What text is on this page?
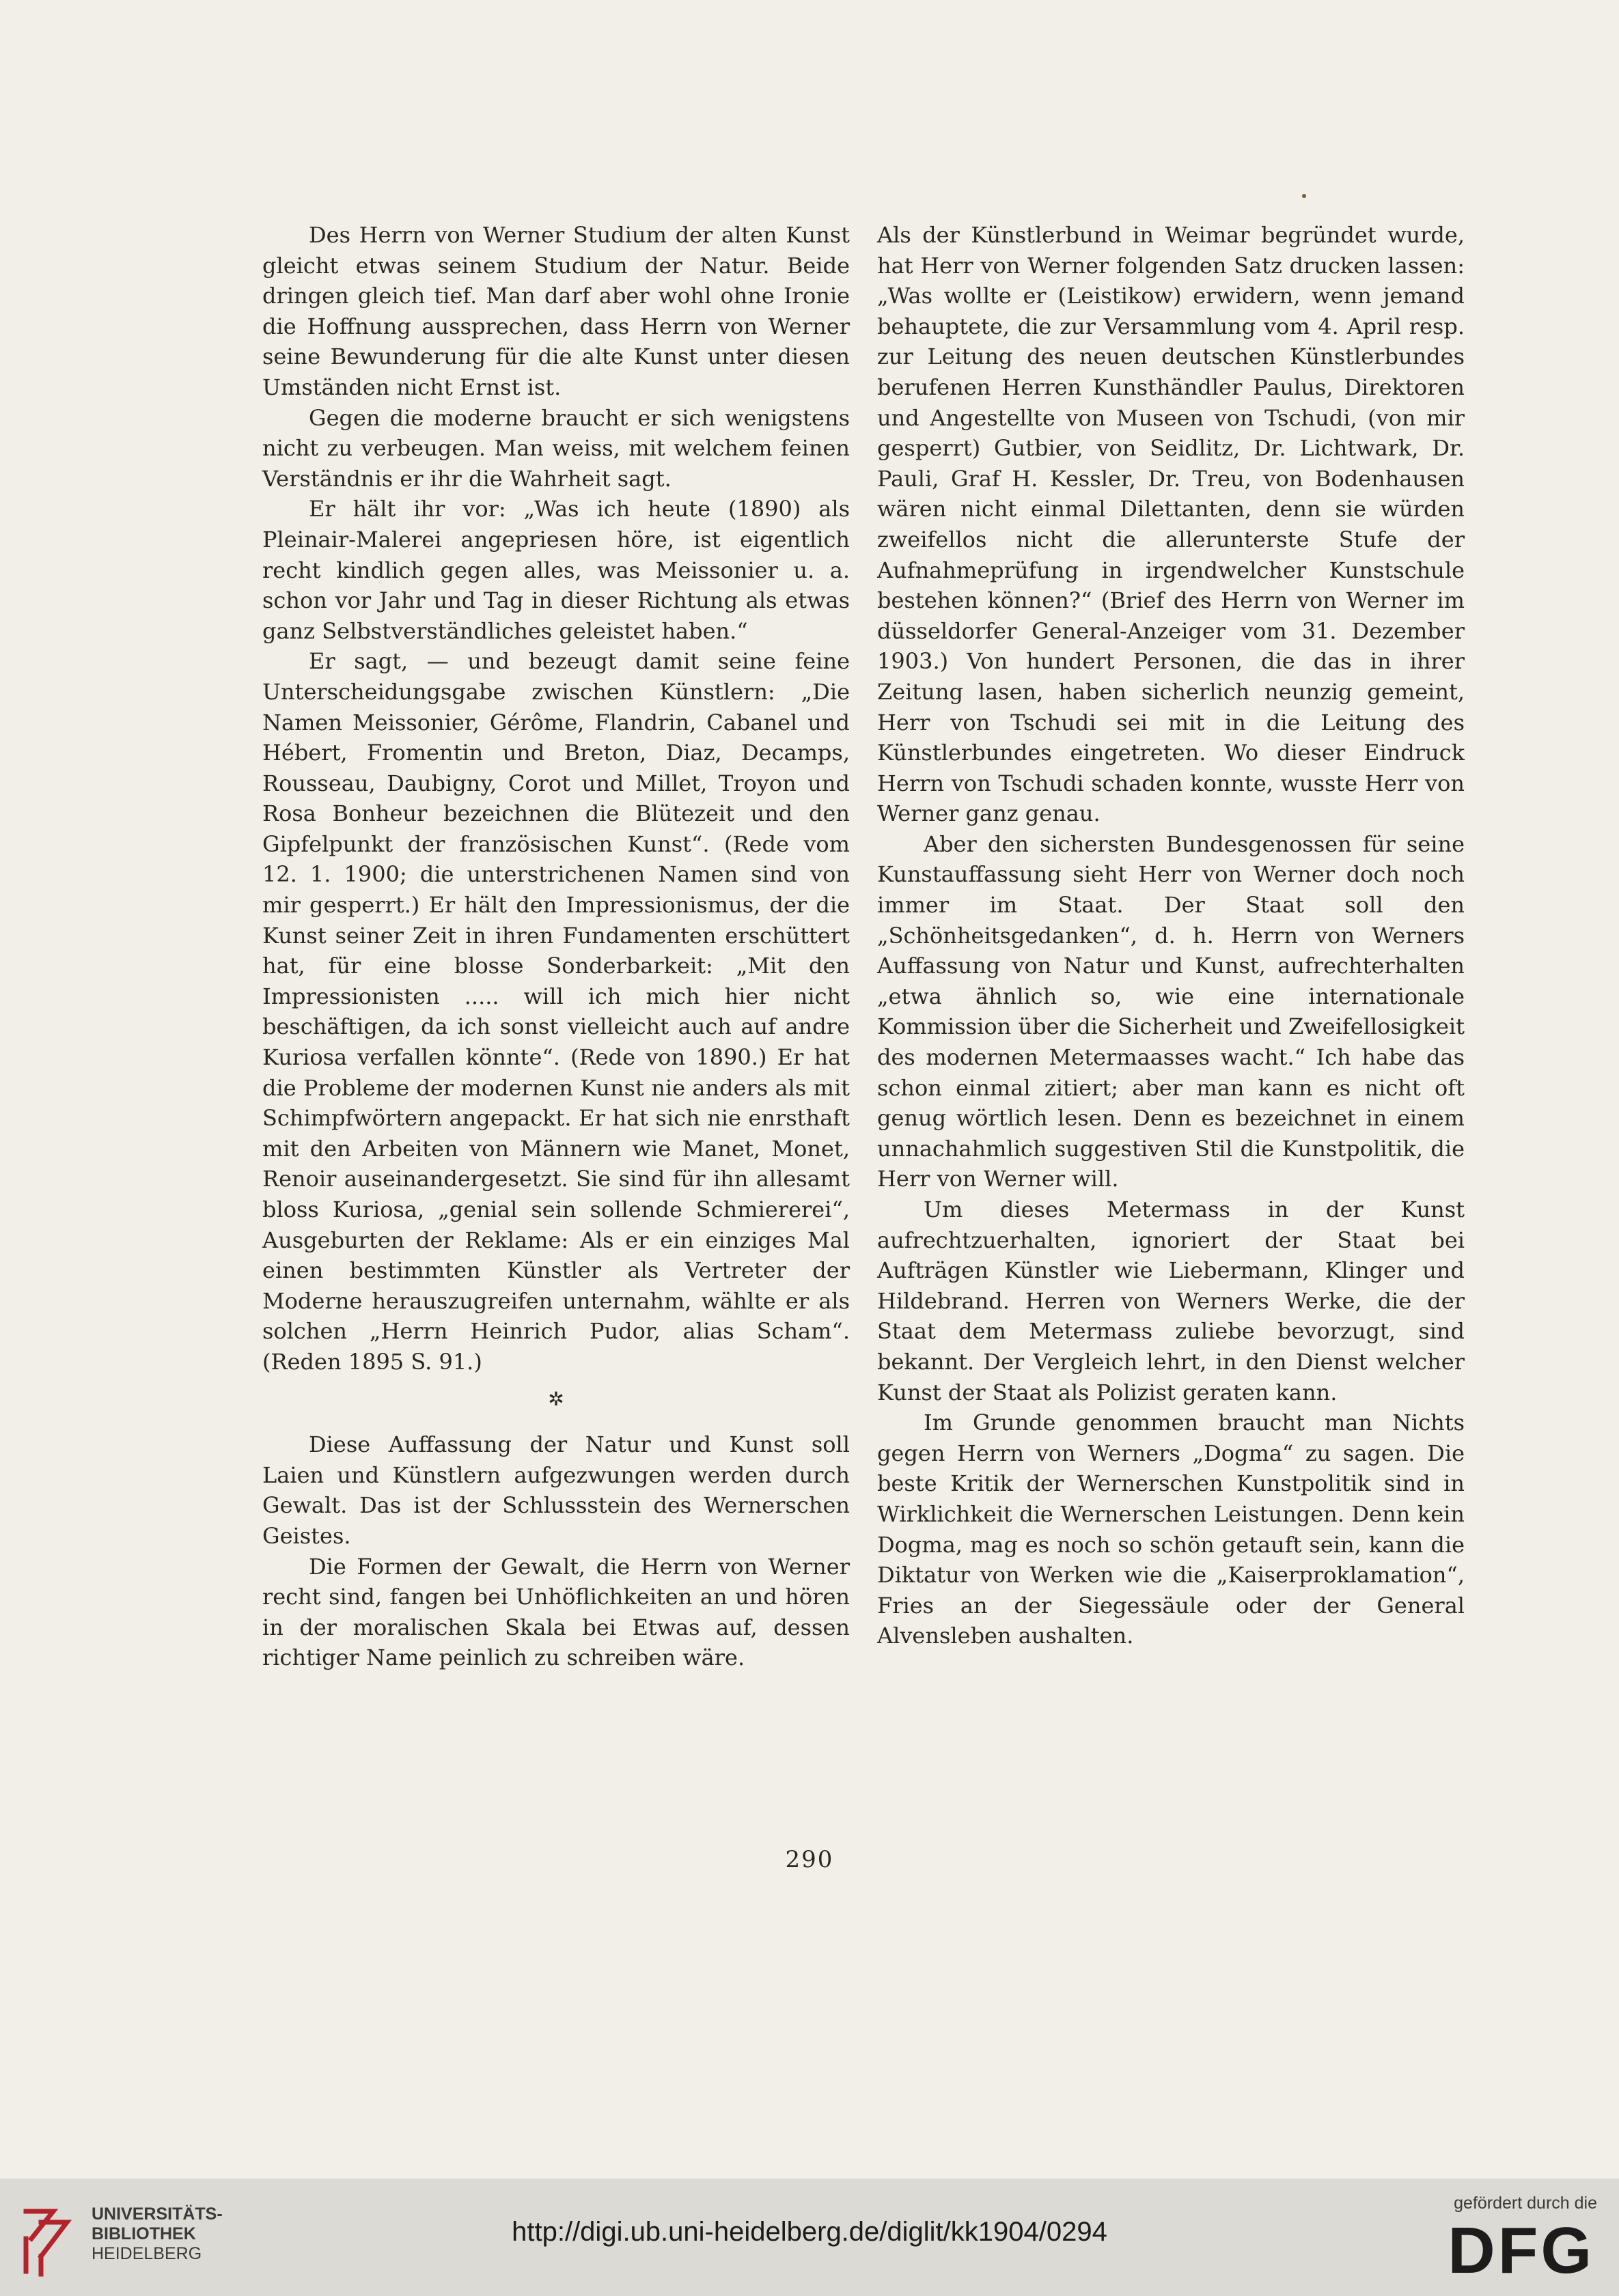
Des Herrn von Werner Studium der alten Kunst gleicht etwas seinem Studium der Natur. Beide dringen gleich tief. Man darf aber wohl ohne Ironie die Hoffnung aussprechen, dass Herrn von Werner seine Bewunderung für die alte Kunst unter diesen Umständen nicht Ernst ist.

Gegen die moderne braucht er sich wenigstens nicht zu verbeugen. Man weiss, mit welchem feinen Verständnis er ihr die Wahrheit sagt.

Er hält ihr vor: „Was ich heute (1890) als Pleinair-Malerei angepriesen höre, ist eigentlich recht kindlich gegen alles, was Meissonier u. a. schon vor Jahr und Tag in dieser Richtung als etwas ganz Selbstverständliches geleistet haben.“

Er sagt, — und bezeugt damit seine feine Unterscheidungsgabe zwischen Künstlern: „Die Namen Meissonier, Gérôme, Flandrin, Cabanel und Hébert, Fromentin und Breton, Diaz, Decamps, Rousseau, Daubigny, Corot und Millet, Troyon und Rosa Bonheur bezeichnen die Blütezeit und den Gipfelpunkt der französischen Kunst“. (Rede vom 12. 1. 1900; die unterstrichenen Namen sind von mir gesperrt.) Er hält den Impressionismus, der die Kunst seiner Zeit in ihren Fundamenten erschüttert hat, für eine blosse Sonderbarkeit: „Mit den Impressionisten ..... will ich mich hier nicht beschäftigen, da ich sonst vielleicht auch auf andre Kuriosa verfallen könnte“. (Rede von 1890.) Er hat die Probleme der modernen Kunst nie anders als mit Schimpfwörtern angepackt. Er hat sich nie enrsthaft mit den Arbeiten von Männern wie Manet, Monet, Renoir auseinandergesetzt. Sie sind für ihn allesamt bloss Kuriosa, „genial sein sollende Schmiererei“, Ausgeburten der Reklame: Als er ein einziges Mal einen bestimmten Künstler als Vertreter der Moderne herauszugreifen unternahm, wählte er als solchen „Herrn Heinrich Pudor, alias Scham“. (Reden 1895 S. 91.)

✲

Diese Auffassung der Natur und Kunst soll Laien und Künstlern aufgezwungen werden durch Gewalt. Das ist der Schlussstein des Wernerschen Geistes.

Die Formen der Gewalt, die Herrn von Werner recht sind, fangen bei Unhöflichkeiten an und hören in der moralischen Skala bei Etwas auf, dessen richtiger Name peinlich zu schreiben wäre.

Als der Künstlerbund in Weimar begründet wurde, hat Herr von Werner folgenden Satz drucken lassen: „Was wollte er (Leistikow) erwidern, wenn jemand behauptete, die zur Versammlung vom 4. April resp. zur Leitung des neuen deutschen Künstlerbundes berufenen Herren Kunsthändler Paulus, Direktoren und Angestellte von Museen von Tschudi, (von mir gesperrt) Gutbier, von Seidlitz, Dr. Lichtwark, Dr. Pauli, Graf H. Kessler, Dr. Treu, von Bodenhausen wären nicht einmal Dilettanten, denn sie würden zweifellos nicht die allerunterste Stufe der Aufnahmeprüfung in irgendwelcher Kunstschule bestehen können?“ (Brief des Herrn von Werner im düsseldorfer General-Anzeiger vom 31. Dezember 1903.) Von hundert Personen, die das in ihrer Zeitung lasen, haben sicherlich neunzig gemeint, Herr von Tschudi sei mit in die Leitung des Künstlerbundes eingetreten. Wo dieser Eindruck Herrn von Tschudi schaden konnte, wusste Herr von Werner ganz genau.

Aber den sichersten Bundesgenossen für seine Kunstauffassung sieht Herr von Werner doch noch immer im Staat. Der Staat soll den „Schönheitsgedanken“, d. h. Herrn von Werners Auffassung von Natur und Kunst, aufrechterhalten „etwa ähnlich so, wie eine internationale Kommission über die Sicherheit und Zweifellosigkeit des modernen Metermaasses wacht.“ Ich habe das schon einmal zitiert; aber man kann es nicht oft genug wörtlich lesen. Denn es bezeichnet in einem unnachahmlich suggestiven Stil die Kunstpolitik, die Herr von Werner will.

Um dieses Metermass in der Kunst aufrechtzuerhalten, ignoriert der Staat bei Aufträgen Künstler wie Liebermann, Klinger und Hildebrand. Herren von Werners Werke, die der Staat dem Metermass zuliebe bevorzugt, sind bekannt. Der Vergleich lehrt, in den Dienst welcher Kunst der Staat als Polizist geraten kann.

Im Grunde genommen braucht man Nichts gegen Herrn von Werners „Dogma“ zu sagen. Die beste Kritik der Wernerschen Kunstpolitik sind in Wirklichkeit die Wernerschen Leistungen. Denn kein Dogma, mag es noch so schön getauft sein, kann die Diktatur von Werken wie die „Kaiserproklamation“, Fries an der Siegessäule oder der General Alvensleben aushalten.

290
UNIVERSITÄTS-
BIBLIOTHEK
HEIDELBERG
http://digi.ub.uni-heidelberg.de/diglit/kk1904/0294
gefördert durch die
DFG
